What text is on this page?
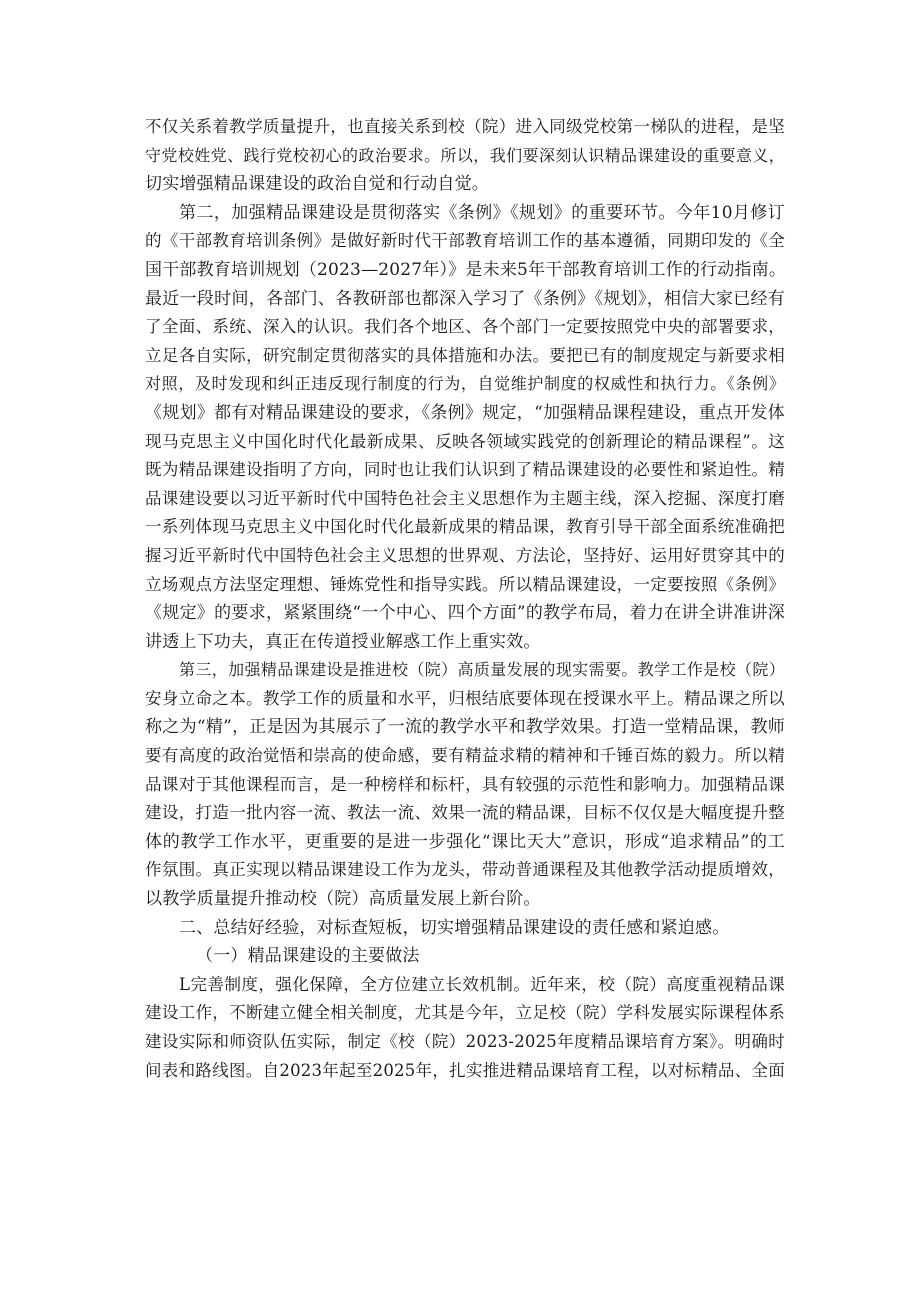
不仅关系着教学质量提升，也直接关系到校（院）进入同级党校第一梯队的进程，是坚
守党校姓党、践行党校初心的政治要求。所以，我们要深刻认识精品课建设的重要意义，
切实增强精品课建设的政治自觉和行动自觉。
第二，加强精品课建设是贯彻落实《条例》《规划》的重要环节。今年10月修订
的《干部教育培训条例》是做好新时代干部教育培训工作的基本遵循，同期印发的《全
国干部教育培训规划（2023—2027年）》是未来5年干部教育培训工作的行动指南。
最近一段时间，各部门、各教研部也都深入学习了《条例》《规划》，相信大家已经有
了全面、系统、深入的认识。我们各个地区、各个部门一定要按照党中央的部署要求，
立足各自实际，研究制定贯彻落实的具体措施和办法。要把已有的制度规定与新要求相
对照，及时发现和纠正违反现行制度的行为，自觉维护制度的权威性和执行力。《条例》
《规划》都有对精品课建设的要求，《条例》规定，“加强精品课程建设，重点开发体
现马克思主义中国化时代化最新成果、反映各领域实践党的创新理论的精品课程”。这
既为精品课建设指明了方向，同时也让我们认识到了精品课建设的必要性和紧迫性。精
品课建设要以习近平新时代中国特色社会主义思想作为主题主线，深入挖掘、深度打磨
一系列体现马克思主义中国化时代化最新成果的精品课，教育引导干部全面系统准确把
握习近平新时代中国特色社会主义思想的世界观、方法论，坚持好、运用好贯穿其中的
立场观点方法坚定理想、锤炼党性和指导实践。所以精品课建设，一定要按照《条例》
《规定》的要求，紧紧围绕“一个中心、四个方面”的教学布局，着力在讲全讲准讲深
讲透上下功夫，真正在传道授业解惑工作上重实效。
第三，加强精品课建设是推进校（院）高质量发展的现实需要。教学工作是校（院）
安身立命之本。教学工作的质量和水平，归根结底要体现在授课水平上。精品课之所以
称之为“精”，正是因为其展示了一流的教学水平和教学效果。打造一堂精品课，教师
要有高度的政治觉悟和崇高的使命感，要有精益求精的精神和千锤百炼的毅力。所以精
品课对于其他课程而言，是一种榜样和标杆，具有较强的示范性和影响力。加强精品课
建设，打造一批内容一流、教法一流、效果一流的精品课，目标不仅仅是大幅度提升整
体的教学工作水平，更重要的是进一步强化“课比天大”意识，形成“追求精品”的工
作氛围。真正实现以精品课建设工作为龙头，带动普通课程及其他教学活动提质增效，
以教学质量提升推动校（院）高质量发展上新台阶。
二、总结好经验，对标查短板，切实增强精品课建设的责任感和紧迫感。
（一）精品课建设的主要做法
L完善制度，强化保障，全方位建立长效机制。近年来，校（院）高度重视精品课
建设工作，不断建立健全相关制度，尤其是今年，立足校（院）学科发展实际课程体系
建设实际和师资队伍实际，制定《校（院）2023-2025年度精品课培育方案》。明确时
间表和路线图。自2023年起至2025年，扎实推进精品课培育工程，以对标精品、全面
